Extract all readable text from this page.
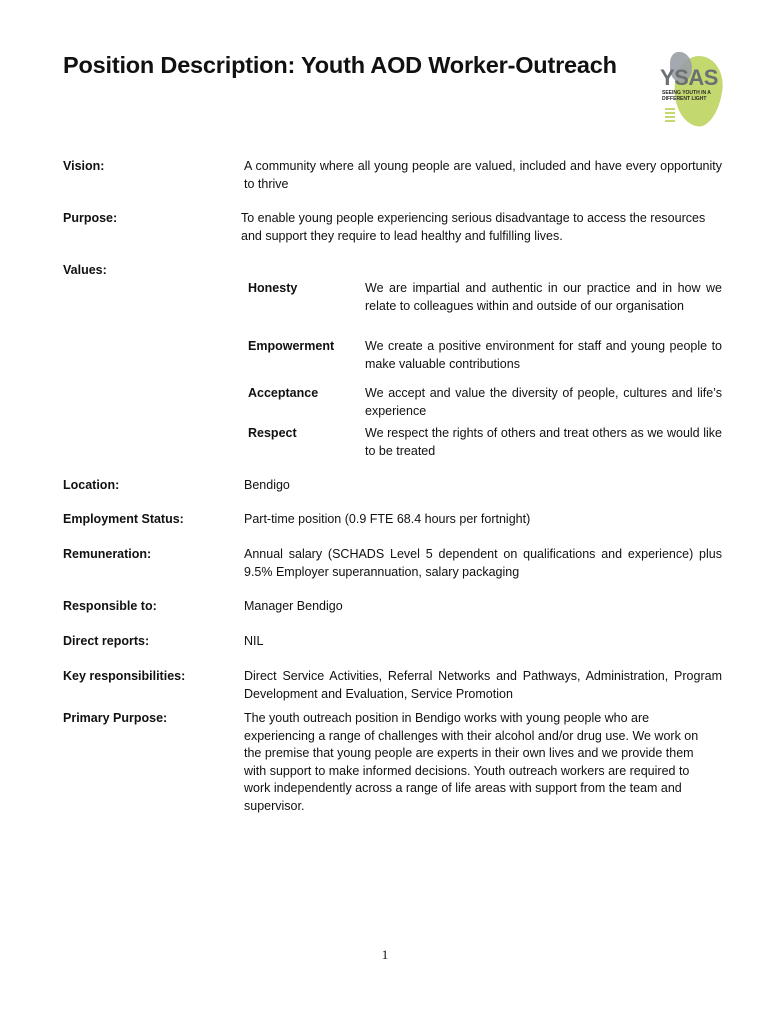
Position Description: Youth AOD Worker-Outreach YSAS
SEEING YOUTH IN A DIFFERENT LIGHT
Vision:	A community where all young people are valued, included and have every opportunity to thrive
Purpose:	To enable young people experiencing serious disadvantage to access the resources and support they require to lead healthy and fulfilling lives.
Values:
Honesty	We are impartial and authentic in our practice and in how we relate to colleagues within and outside of our organisation
Empowerment We create a positive environment for staff and young people to make valuable contributions
Acceptance	We accept and value the diversity of people, cultures and life’s experience
Respect	We respect the rights of others and treat others as we would like to be treated
Location:	Bendigo
Employment Status:	Part-time position (0.9 FTE 68.4 hours per fortnight)
Remuneration:	Annual salary (SCHADS Level 5 dependent on qualifications and experience) plus 9.5% Employer superannuation, salary packaging
Responsible to:	Manager Bendigo
Direct reports:	NIL
Key responsibilities:	Direct Service Activities, Referral Networks and Pathways, Administration, Program Development and Evaluation, Service Promotion
Primary Purpose:	The youth outreach position in Bendigo works with young people who are experiencing a range of challenges with their alcohol and/or drug use. We work on the premise that young people are experts in their own lives and we provide them with support to make informed decisions. Youth outreach workers are required to work independently across a range of life areas with support from the team and supervisor.
1
